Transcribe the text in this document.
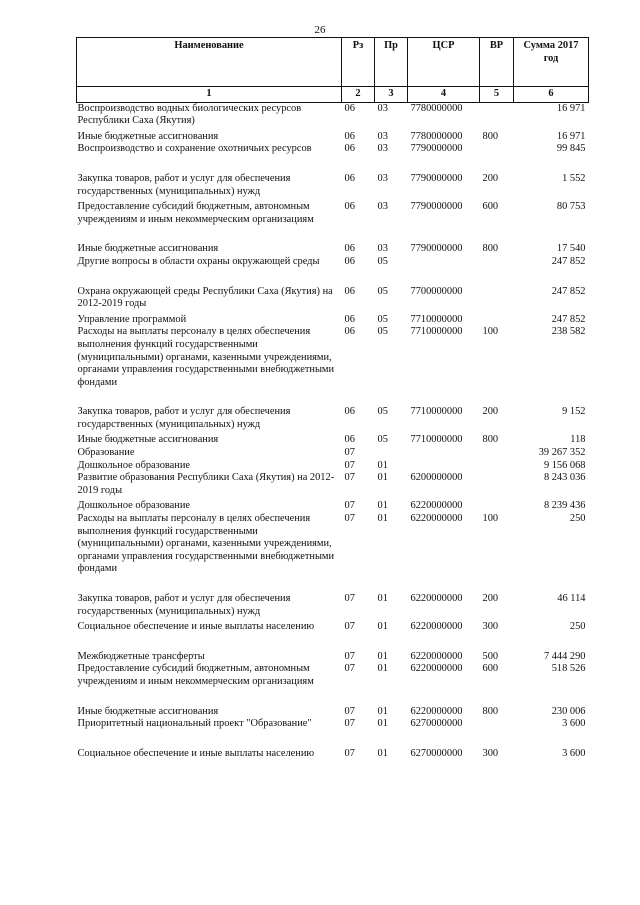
26
Наименование	Рз	Пр	ЦСР	ВР	Сумма 2017 год
1	2	3	4	5	6
Воспроизводство водных биологических ресурсов Республики Саха (Якутия)	06	03	7780000000		16 971
Иные бюджетные ассигнования	06	03	7780000000	800	16 971
Воспроизводство и сохранение охотничьих ресурсов	06	03	7790000000		99 845
Закупка товаров, работ и услуг для обеспечения государственных (муниципальных) нужд	06	03	7790000000	200	1 552
Предоставление субсидий бюджетным, автономным учреждениям и иным некоммерческим организациям	06	03	7790000000	600	80 753
Иные бюджетные ассигнования	06	03	7790000000	800	17 540
Другие вопросы в области охраны окружающей среды	06	05			247 852
Охрана окружающей среды Республики Саха (Якутия) на 2012-2019 годы	06	05	7700000000		247 852
Управление программой	06	05	7710000000		247 852
Расходы на выплаты персоналу в целях обеспечения выполнения функций государственными (муниципальными) органами, казенными учреждениями, органами управления государственными внебюджетными фондами	06	05	7710000000	100	238 582
Закупка товаров, работ и услуг для обеспечения государственных (муниципальных) нужд	06	05	7710000000	200	9 152
Иные бюджетные ассигнования	06	05	7710000000	800	118
Образование	07				39 267 352
Дошкольное образование	07	01			9 156 068
Развитие образования Республики Саха (Якутия) на 2012-2019 годы	07	01	6200000000		8 243 036
Дошкольное образование	07	01	6220000000		8 239 436
Расходы на выплаты персоналу в целях обеспечения выполнения функций государственными (муниципальными) органами, казенными учреждениями, органами управления государственными внебюджетными фондами	07	01	6220000000	100	250
Закупка товаров, работ и услуг для обеспечения государственных (муниципальных) нужд	07	01	6220000000	200	46 114
Социальное обеспечение и иные выплаты населению	07	01	6220000000	300	250
Межбюджетные трансферты	07	01	6220000000	500	7 444 290
Предоставление субсидий бюджетным, автономным учреждениям и иным некоммерческим организациям	07	01	6220000000	600	518 526
Иные бюджетные ассигнования	07	01	6220000000	800	230 006
Приоритетный национальный проект "Образование"	07	01	6270000000		3 600
Социальное обеспечение и иные выплаты населению	07	01	6270000000	300	3 600
